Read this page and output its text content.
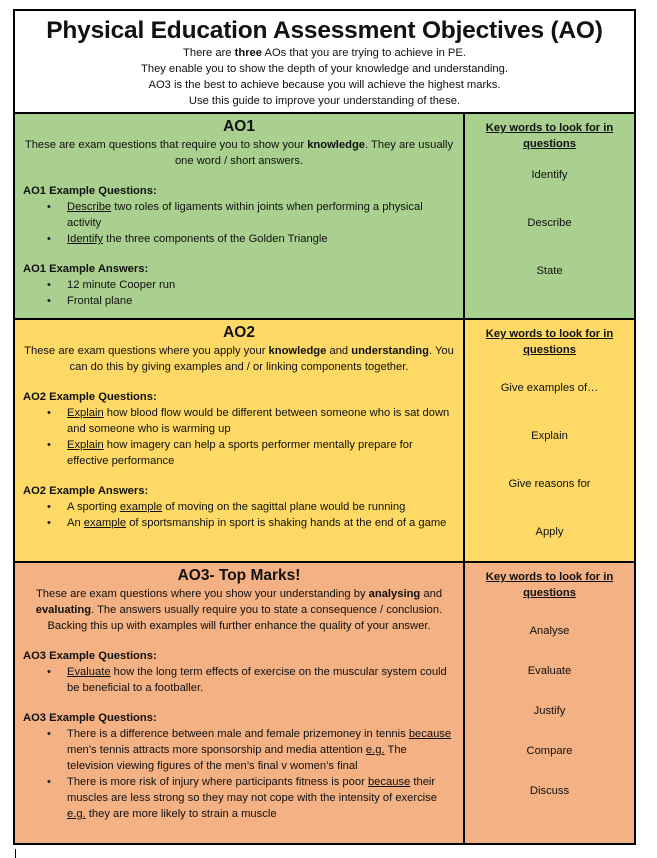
Physical Education Assessment Objectives (AO)
There are three AOs that you are trying to achieve in PE.
They enable you to show the depth of your knowledge and understanding.
AO3 is the best to achieve because you will achieve the highest marks.
Use this guide to improve your understanding of these.
AO1
These are exam questions that require you to show your knowledge. They are usually one word / short answers.
AO1 Example Questions:
• Describe two roles of ligaments within joints when performing a physical activity
• Identify the three components of the Golden Triangle
AO1 Example Answers:
• 12 minute Cooper run
• Frontal plane
Key words to look for in questions
Identify
Describe
State
AO2
These are exam questions where you apply your knowledge and understanding. You can do this by giving examples and / or linking components together.
AO2 Example Questions:
• Explain how blood flow would be different between someone who is sat down and someone who is warming up
• Explain how imagery can help a sports performer mentally prepare for effective performance
AO2 Example Answers:
• A sporting example of moving on the sagittal plane would be running
• An example of sportsmanship in sport is shaking hands at the end of a game
Key words to look for in questions
Give examples of…
Explain
Give reasons for
Apply
AO3- Top Marks!
These are exam questions where you show your understanding by analysing and evaluating. The answers usually require you to state a consequence / conclusion. Backing this up with examples will further enhance the quality of your answer.
AO3 Example Questions:
• Evaluate how the long term effects of exercise on the muscular system could be beneficial to a footballer.
AO3 Example Questions:
• There is a difference between male and female prizemoney in tennis because men’s tennis attracts more sponsorship and media attention e.g. The television viewing figures of the men’s final v women’s final
• There is more risk of injury where participants fitness is poor because their muscles are less strong so they may not cope with the intensity of exercise e.g. they are more likely to strain a muscle
Key words to look for in questions
Analyse
Evaluate
Justify
Compare
Discuss
